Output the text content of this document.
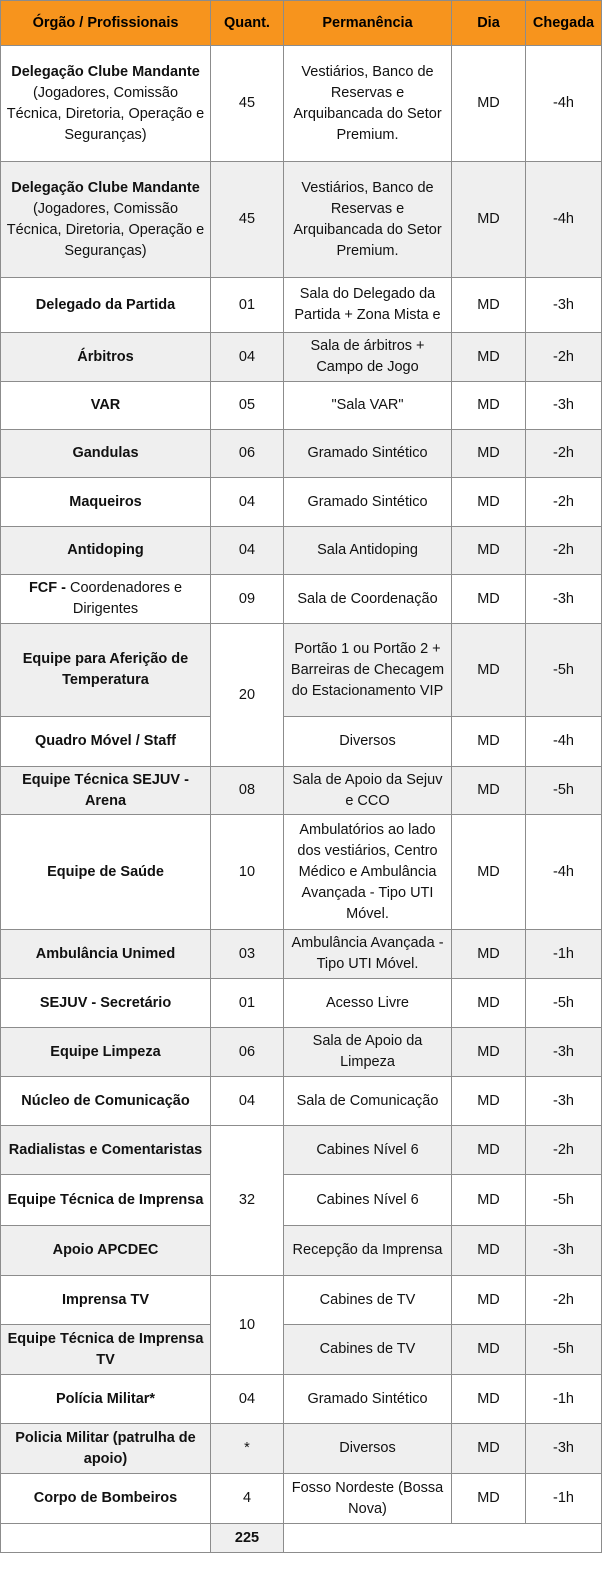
Órgão / Profissionais	Quant.	Permanência	Dia	Chegada
Delegação Clube Mandante (Jogadores, Comissão Técnica, Diretoria, Operação e Seguranças)	45	Vestiários, Banco de Reservas e Arquibancada do Setor Premium.	MD	-4h
Delegação Clube Mandante (Jogadores, Comissão Técnica, Diretoria, Operação e Seguranças)	45	Vestiários, Banco de Reservas e Arquibancada do Setor Premium.	MD	-4h
Delegado da Partida	01	Sala do Delegado da Partida + Zona Mista e	MD	-3h
Árbitros	04	Sala de árbitros + Campo de Jogo	MD	-2h
VAR	05	"Sala VAR"	MD	-3h
Gandulas	06	Gramado Sintético	MD	-2h
Maqueiros	04	Gramado Sintético	MD	-2h
Antidoping	04	Sala Antidoping	MD	-2h
FCF - Coordenadores e Dirigentes	09	Sala de Coordenação	MD	-3h
Equipe para Aferição de Temperatura	20	Portão 1 ou Portão 2 + Barreiras de Checagem do Estacionamento VIP	MD	-5h
Quadro Móvel / Staff		Diversos	MD	-4h
Equipe Técnica SEJUV - Arena	08	Sala de Apoio da Sejuv e CCO	MD	-5h
Equipe de Saúde	10	Ambulatórios ao lado dos vestiários, Centro Médico e Ambulância Avançada - Tipo UTI Móvel.	MD	-4h
Ambulância Unimed	03	Ambulância Avançada - Tipo UTI Móvel.	MD	-1h
SEJUV - Secretário	01	Acesso Livre	MD	-5h
Equipe Limpeza	06	Sala de Apoio da Limpeza	MD	-3h
Núcleo de Comunicação	04	Sala de Comunicação	MD	-3h
Radialistas e Comentaristas	32	Cabines Nível 6	MD	-2h
Equipe Técnica de Imprensa		Cabines Nível 6	MD	-5h
Apoio APCDEC		Recepção da Imprensa	MD	-3h
Imprensa TV	10	Cabines de TV	MD	-2h
Equipe Técnica de Imprensa TV		Cabines de TV	MD	-5h
Polícia Militar*	04	Gramado Sintético	MD	-1h
Policia Militar (patrulha de apoio)	*	Diversos	MD	-3h
Corpo de Bombeiros	4	Fosso Nordeste (Bossa Nova)	MD	-1h
	225			
